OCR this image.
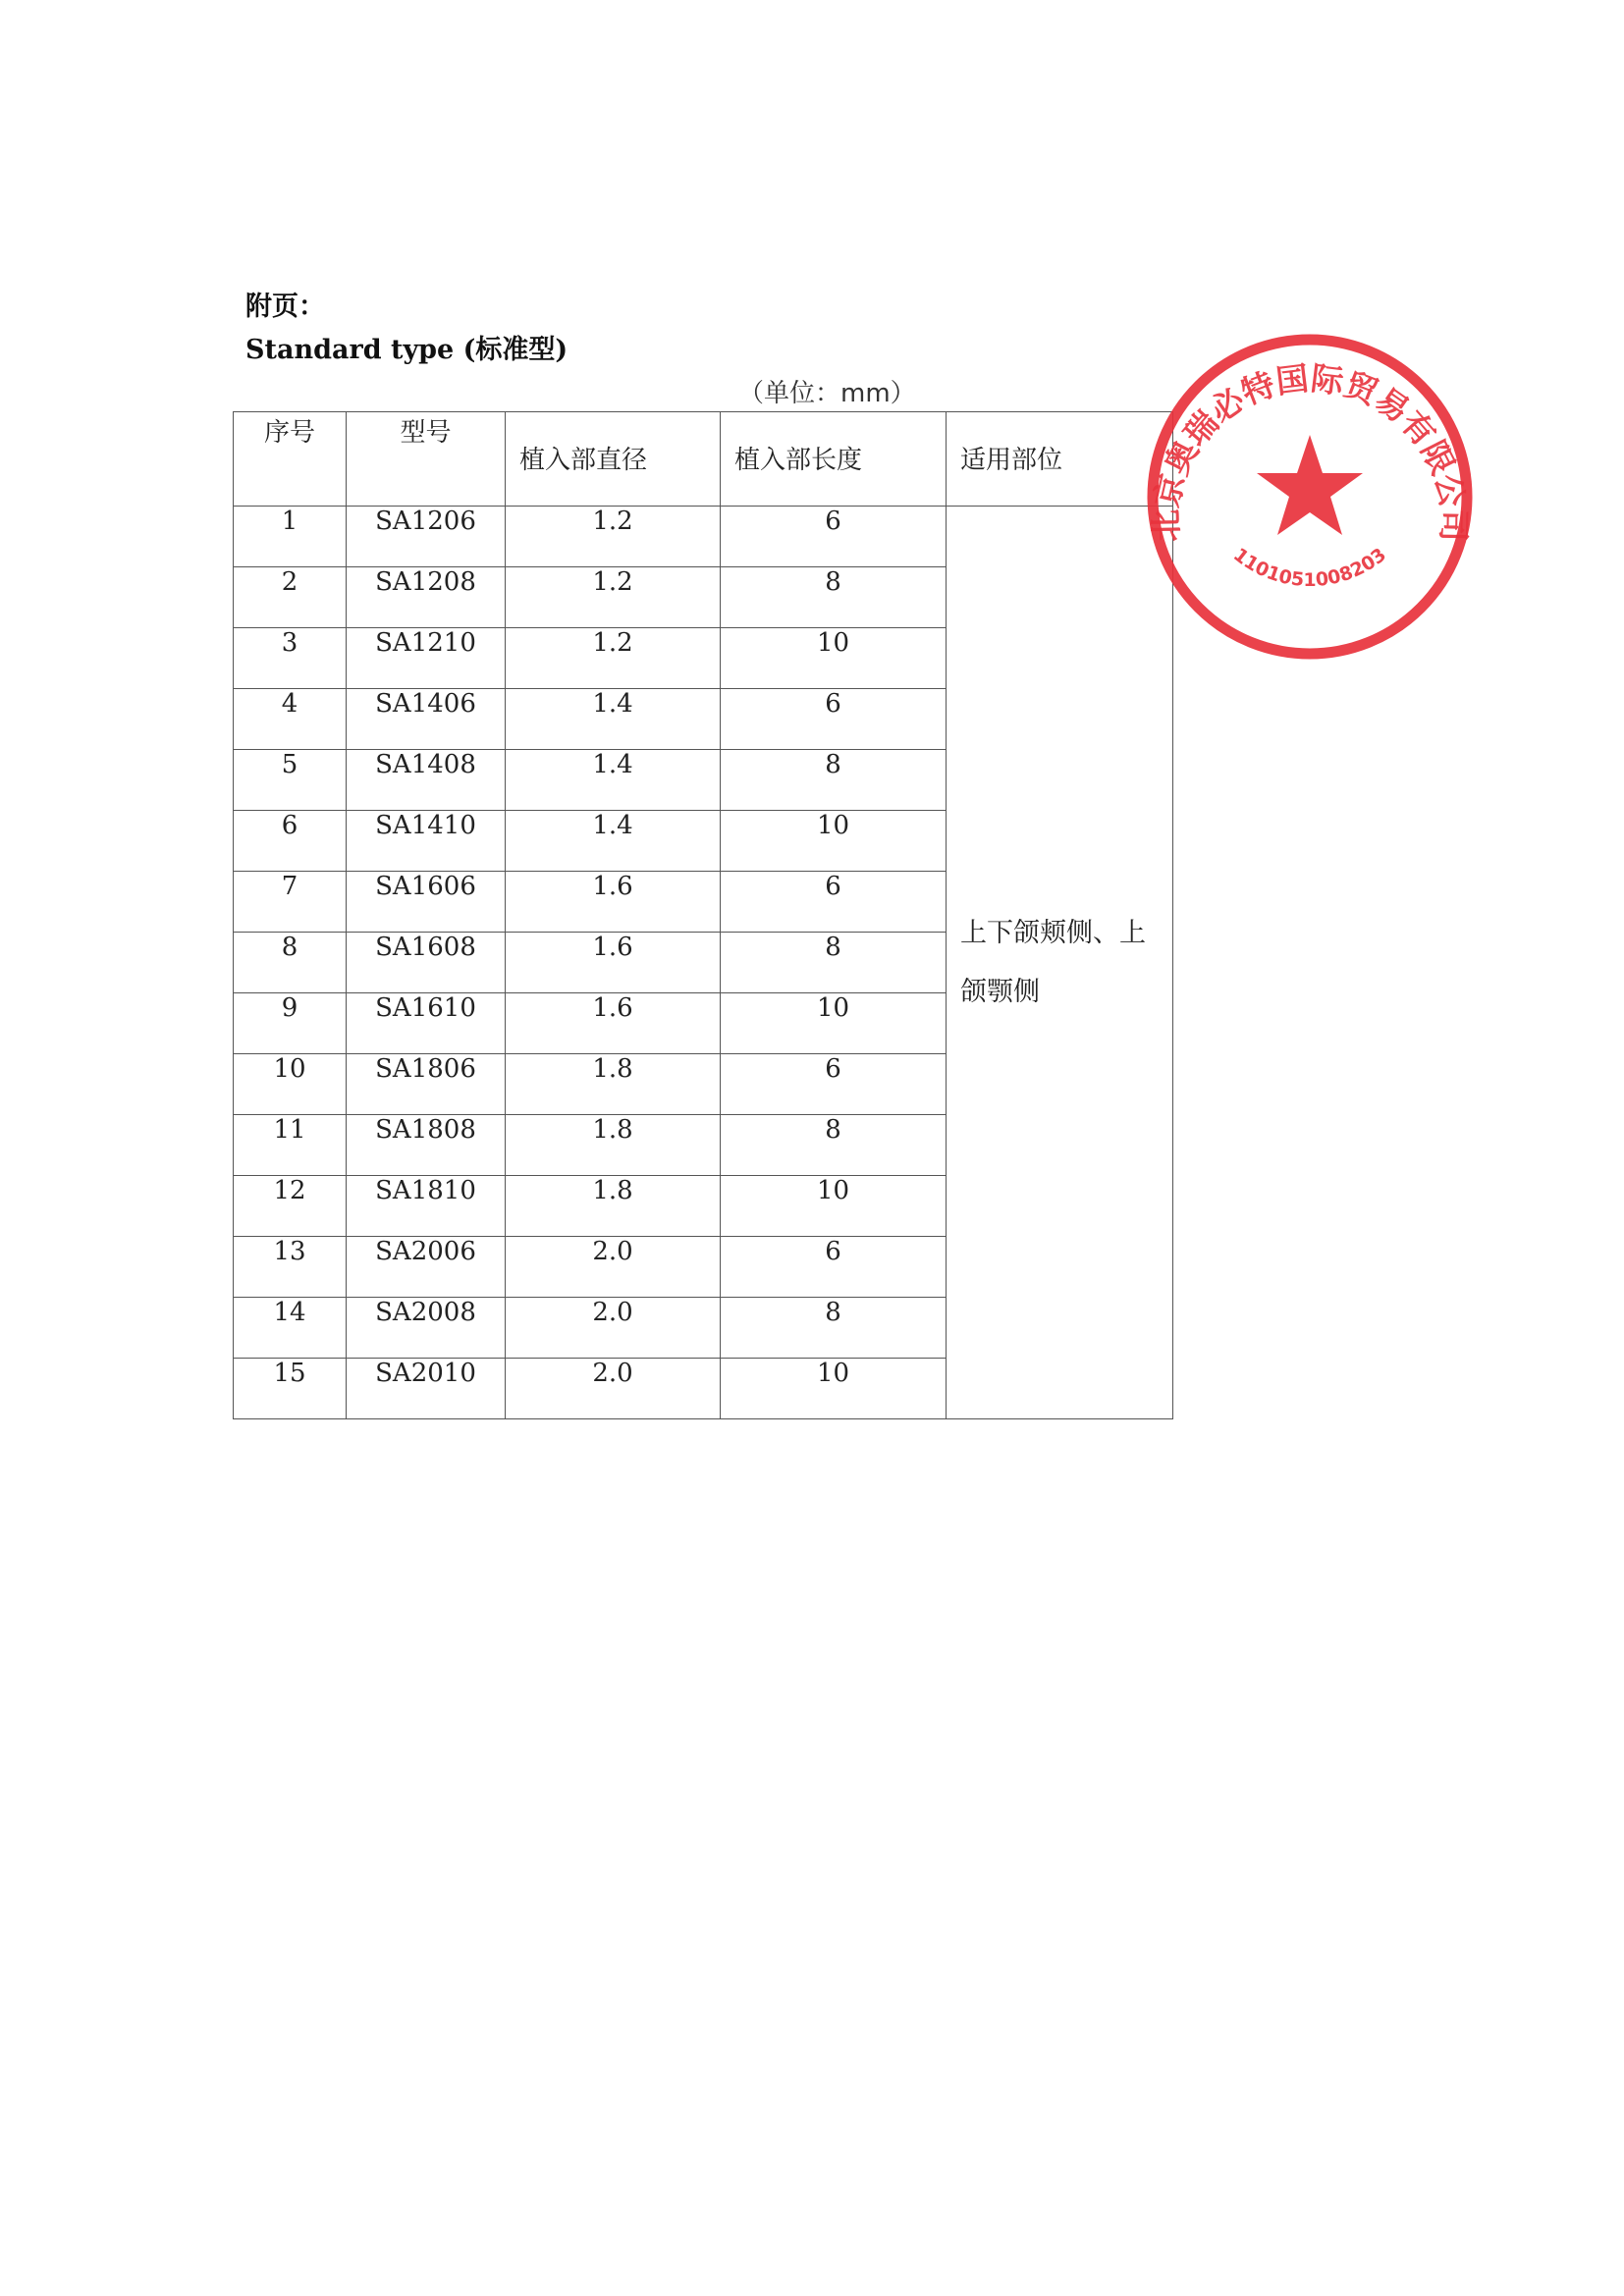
附页：
Standard type (标准型)
（单位：mm）
序号	型号	植入部直径	植入部长度	适用部位
1	SA1206	1.2	6	上下颌颊侧、上颌颚侧
2	SA1208	1.2	8	
3	SA1210	1.2	10	
4	SA1406	1.4	6	
5	SA1408	1.4	8	
6	SA1410	1.4	10	
7	SA1606	1.6	6	
8	SA1608	1.6	8	
9	SA1610	1.6	10	
10	SA1806	1.8	6	
11	SA1808	1.8	8	
12	SA1810	1.8	10	
13	SA2006	2.0	6	
14	SA2008	2.0	8	
15	SA2010	2.0	10	
北京奥瑞必特国际贸易有限公司
1101051008203
